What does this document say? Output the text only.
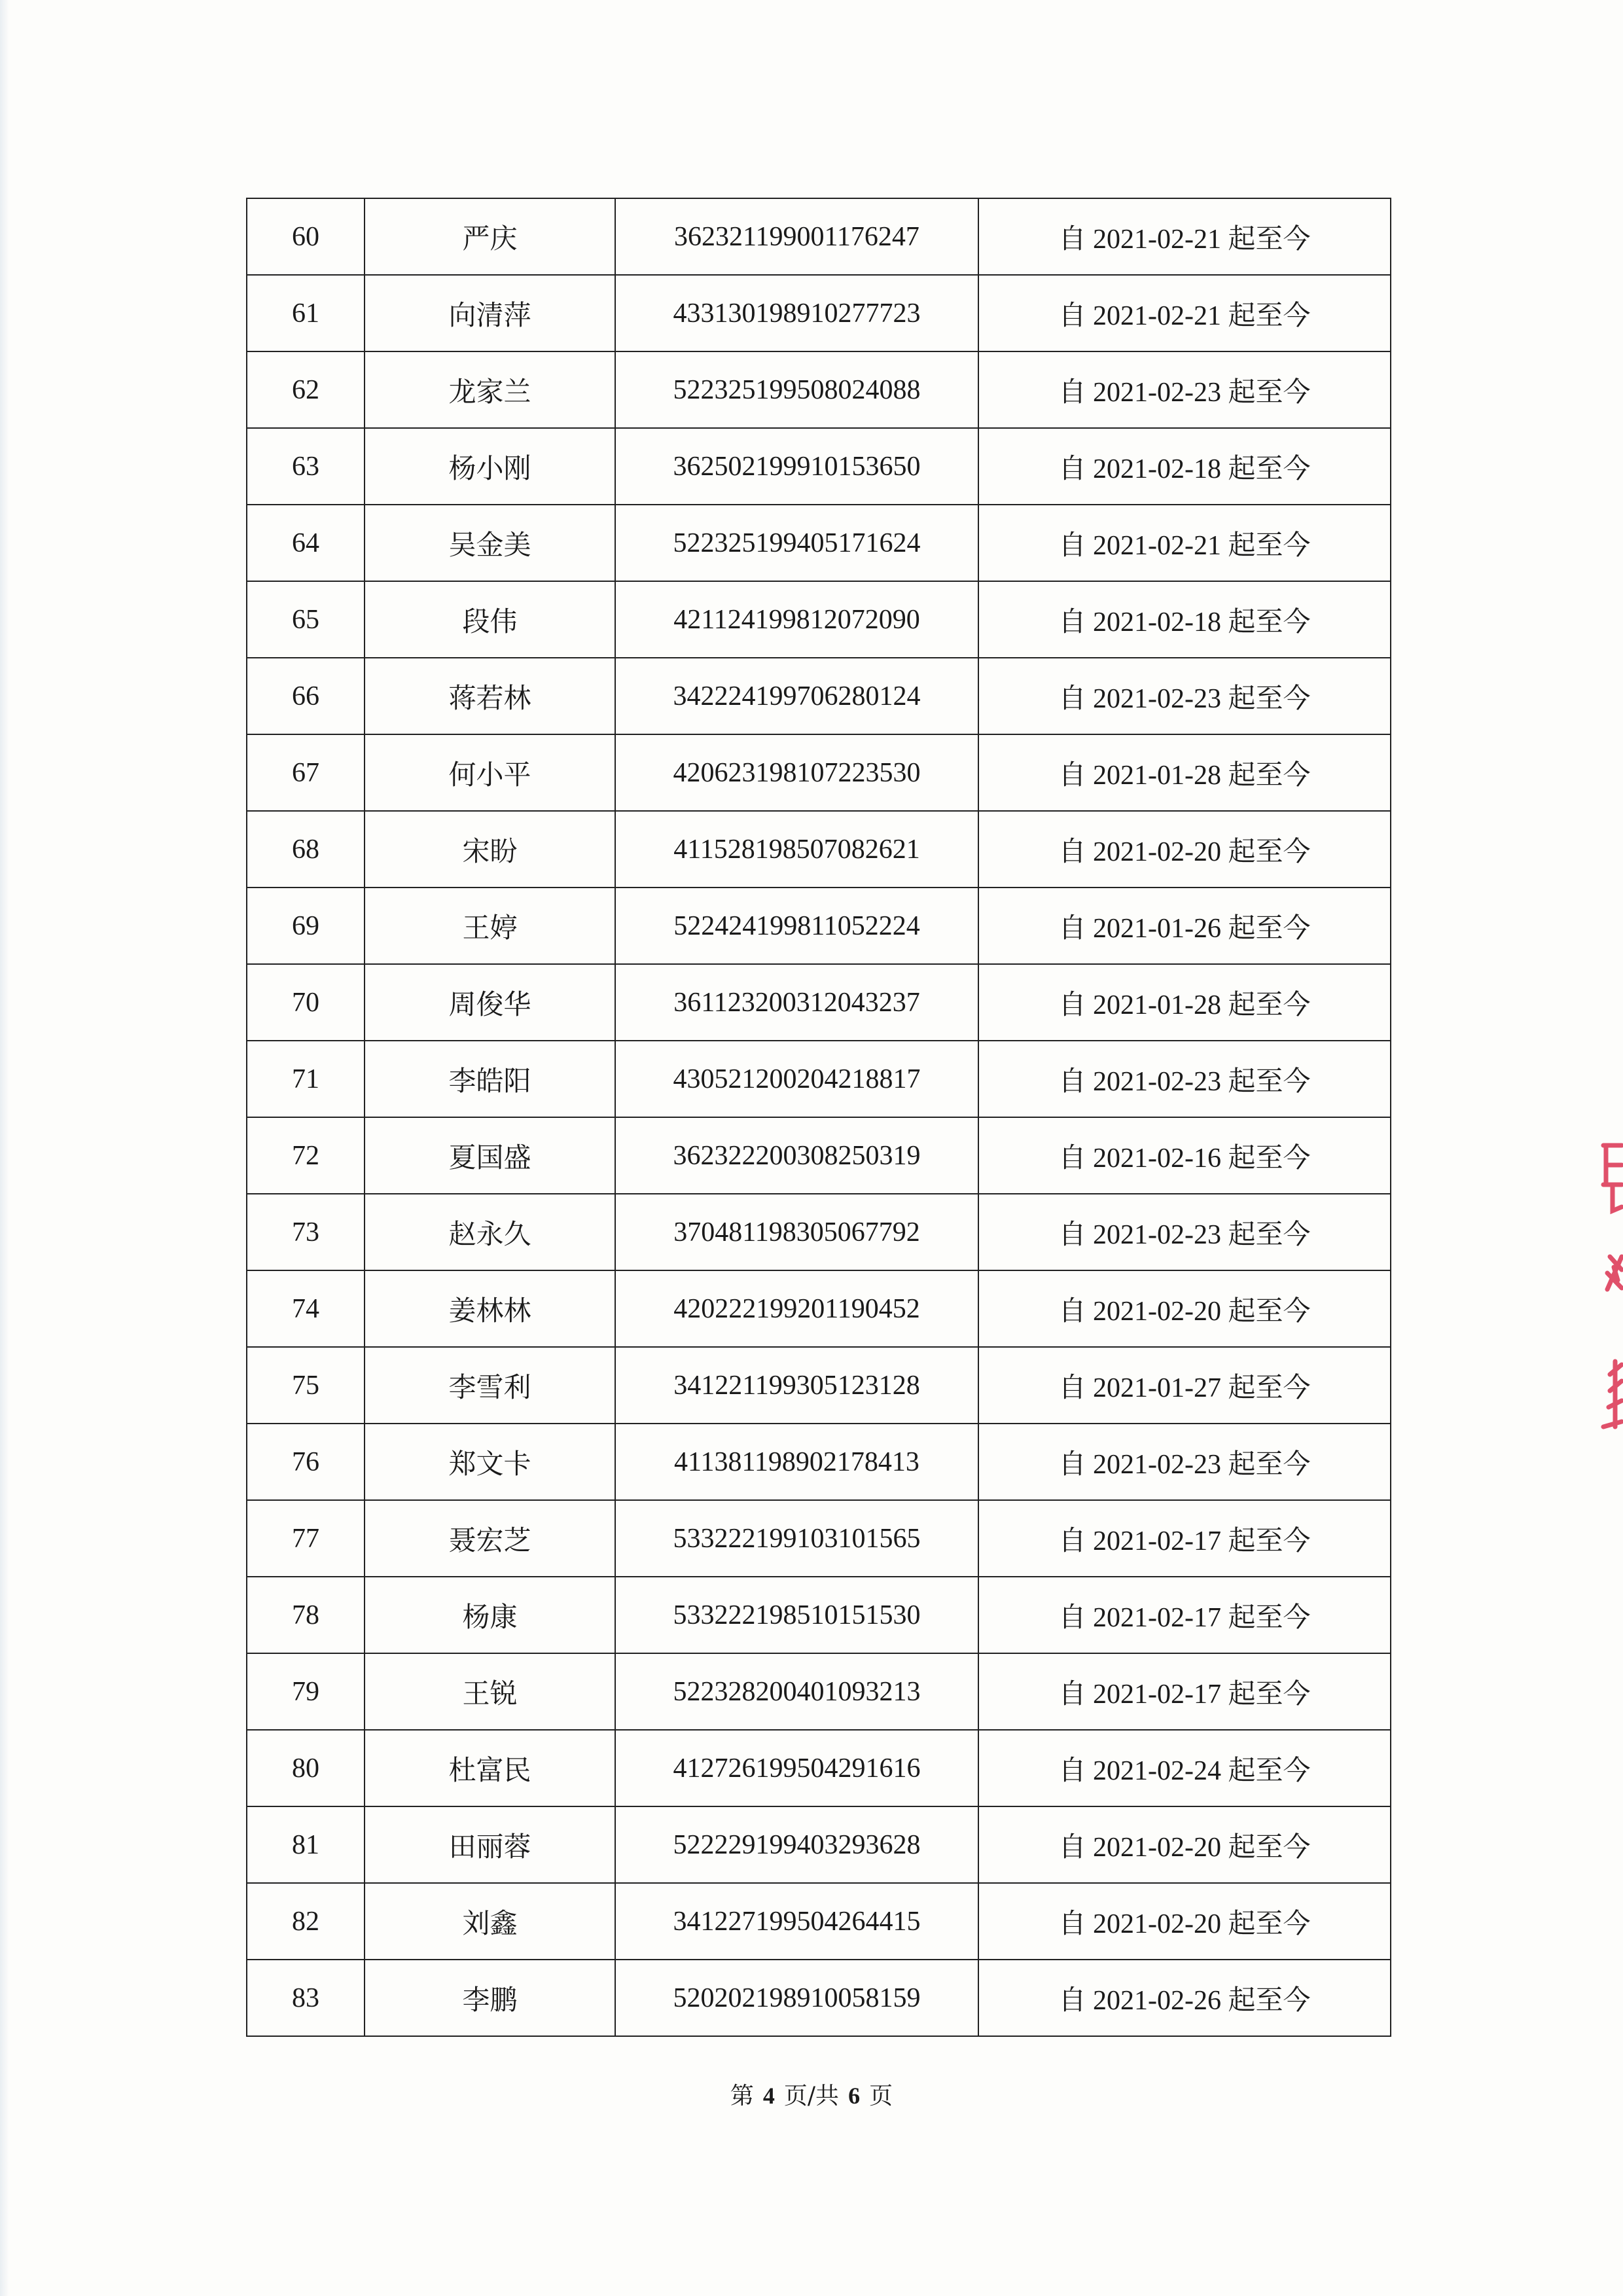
60	严庆	362321199001176247	自 2021-02-21 起至今
61	向清萍	433130198910277723	自 2021-02-21 起至今
62	龙家兰	522325199508024088	自 2021-02-23 起至今
63	杨小刚	362502199910153650	自 2021-02-18 起至今
64	吴金美	522325199405171624	自 2021-02-21 起至今
65	段伟	421124199812072090	自 2021-02-18 起至今
66	蒋若林	342224199706280124	自 2021-02-23 起至今
67	何小平	420623198107223530	自 2021-01-28 起至今
68	宋盼	411528198507082621	自 2021-02-20 起至今
69	王婷	522424199811052224	自 2021-01-26 起至今
70	周俊华	361123200312043237	自 2021-01-28 起至今
71	李皓阳	430521200204218817	自 2021-02-23 起至今
72	夏国盛	362322200308250319	自 2021-02-16 起至今
73	赵永久	370481198305067792	自 2021-02-23 起至今
74	姜林林	420222199201190452	自 2021-02-20 起至今
75	李雪利	341221199305123128	自 2021-01-27 起至今
76	郑文卡	411381198902178413	自 2021-02-23 起至今
77	聂宏芝	533222199103101565	自 2021-02-17 起至今
78	杨康	533222198510151530	自 2021-02-17 起至今
79	王锐	522328200401093213	自 2021-02-17 起至今
80	杜富民	412726199504291616	自 2021-02-24 起至今
81	田丽蓉	522229199403293628	自 2021-02-20 起至今
82	刘鑫	341227199504264415	自 2021-02-20 起至今
83	李鹏	520202198910058159	自 2021-02-26 起至今
第 4 页/共 6 页
